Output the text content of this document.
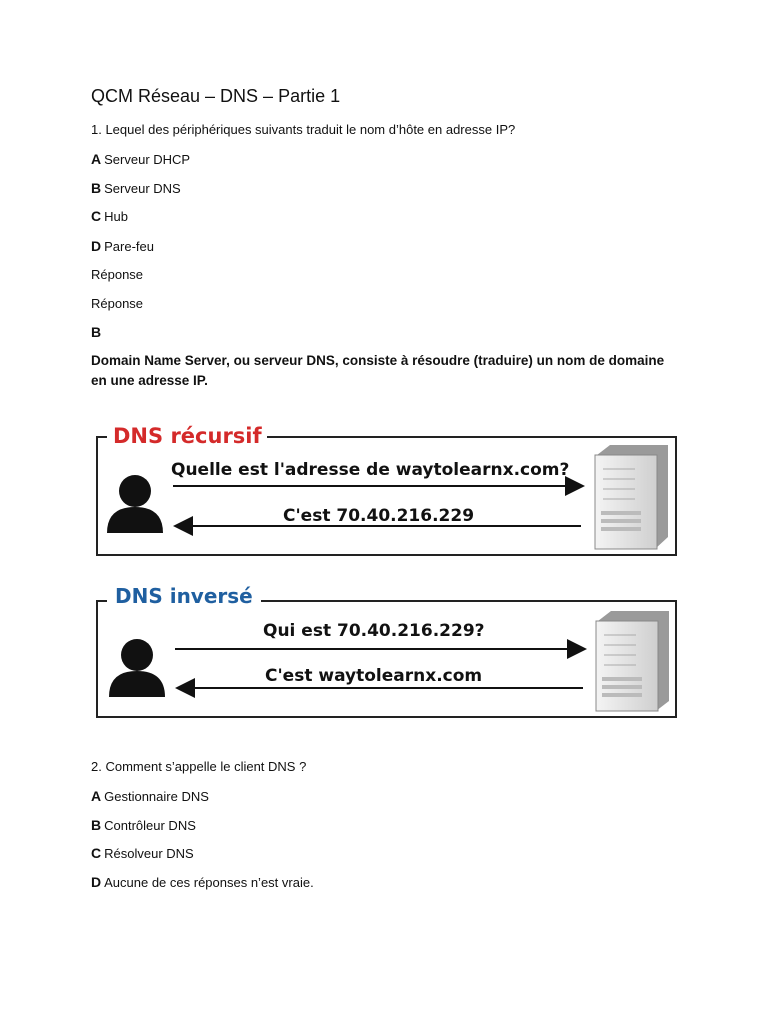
QCM Réseau – DNS – Partie 1
1. Lequel des périphériques suivants traduit le nom d’hôte en adresse IP?
A Serveur DHCP
B Serveur DNS
C Hub
D Pare-feu
Réponse
Réponse
B
Domain Name Server, ou serveur DNS, consiste à résoudre (traduire) un nom de domaine en une adresse IP.
DNS récursif
Quelle est l'adresse de waytolearnx.com?
C'est 70.40.216.229
DNS inversé
Qui est 70.40.216.229?
C'est waytolearnx.com
2. Comment s’appelle le client DNS ?
A Gestionnaire DNS
B Contrôleur DNS
C Résolveur DNS
D Aucune de ces réponses n’est vraie.
